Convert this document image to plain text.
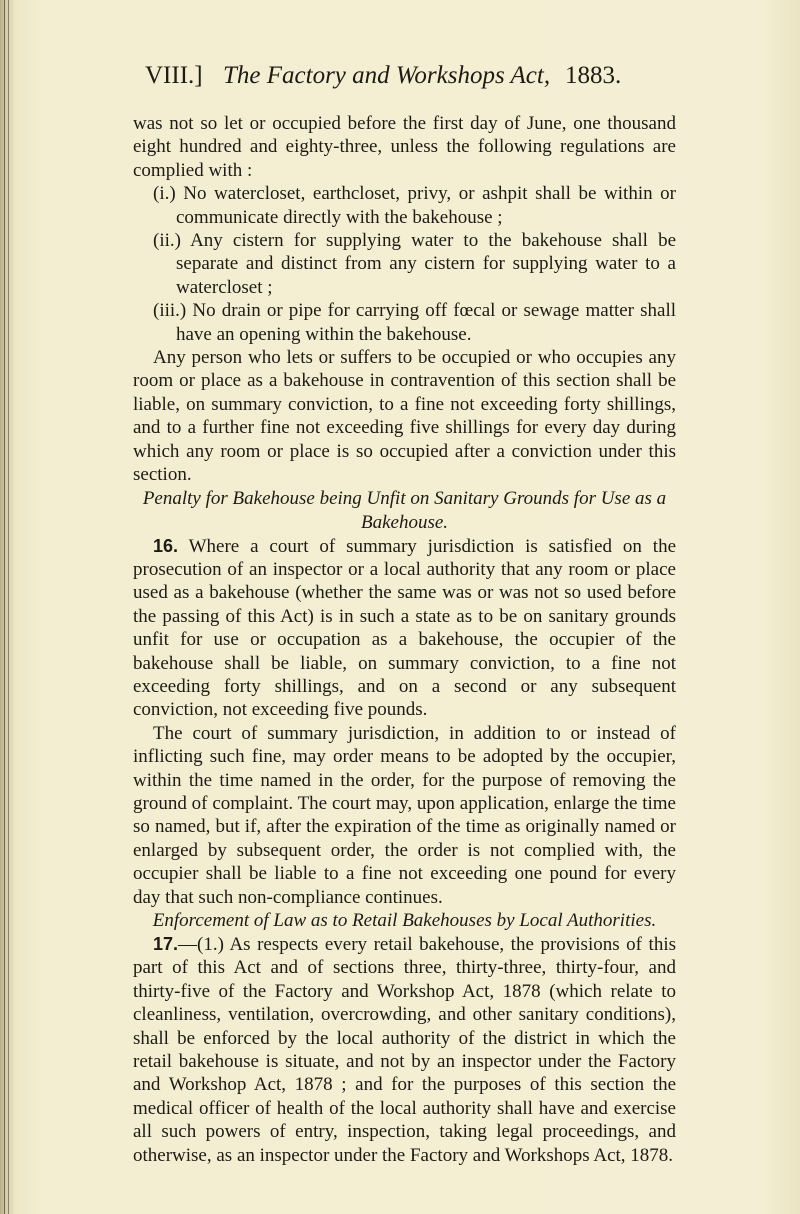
VIII.] The Factory and Workshops Act, 1883.

was not so let or occupied before the first day of June, one thousand eight hundred and eighty-three, unless the following regulations are complied with :

(i.) No watercloset, earthcloset, privy, or ashpit shall be within or communicate directly with the bakehouse ;

(ii.) Any cistern for supplying water to the bakehouse shall be separate and distinct from any cistern for supplying water to a watercloset ;

(iii.) No drain or pipe for carrying off fœcal or sewage matter shall have an opening within the bakehouse.

Any person who lets or suffers to be occupied or who occupies any room or place as a bakehouse in contravention of this section shall be liable, on summary conviction, to a fine not exceeding forty shillings, and to a further fine not exceeding five shillings for every day during which any room or place is so occupied after a conviction under this section.

Penalty for Bakehouse being Unfit on Sanitary Grounds for Use as a Bakehouse.

16. Where a court of summary jurisdiction is satisfied on the prosecution of an inspector or a local authority that any room or place used as a bakehouse (whether the same was or was not so used before the passing of this Act) is in such a state as to be on sanitary grounds unfit for use or occupation as a bakehouse, the occupier of the bakehouse shall be liable, on summary conviction, to a fine not exceeding forty shillings, and on a second or any subsequent conviction, not exceeding five pounds.

The court of summary jurisdiction, in addition to or instead of inflicting such fine, may order means to be adopted by the occupier, within the time named in the order, for the purpose of removing the ground of complaint. The court may, upon application, enlarge the time so named, but if, after the expiration of the time as originally named or enlarged by subsequent order, the order is not complied with, the occupier shall be liable to a fine not exceeding one pound for every day that such non-compliance continues.

Enforcement of Law as to Retail Bakehouses by Local Authorities.

17.—(1.) As respects every retail bakehouse, the provisions of this part of this Act and of sections three, thirty-three, thirty-four, and thirty-five of the Factory and Workshop Act, 1878 (which relate to cleanliness, ventilation, overcrowding, and other sanitary conditions), shall be enforced by the local authority of the district in which the retail bakehouse is situate, and not by an inspector under the Factory and Workshop Act, 1878 ; and for the purposes of this section the medical officer of health of the local authority shall have and exercise all such powers of entry, inspection, taking legal proceedings, and otherwise, as an inspector under the Factory and Workshops Act, 1878.
